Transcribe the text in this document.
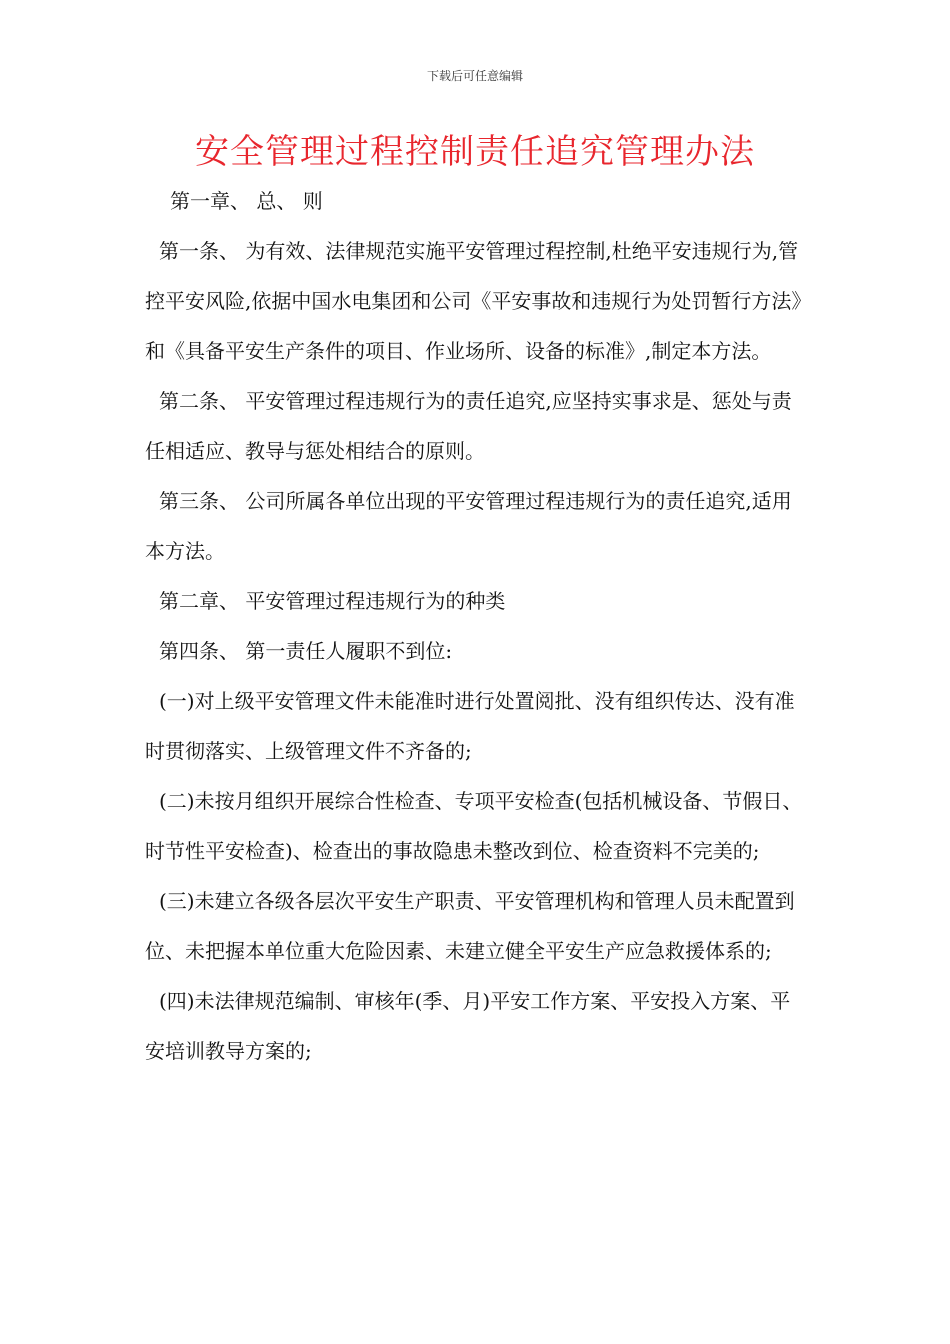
下载后可任意编辑
安全管理过程控制责任追究管理办法

第一章、 总、 则

第一条、 为有效、法律规范实施平安管理过程控制,杜绝平安违规行为,管控平安风险,依据中国水电集团和公司《平安事故和违规行为处罚暂行方法》和《具备平安生产条件的项目、作业场所、设备的标准》,制定本方法。

第二条、 平安管理过程违规行为的责任追究,应坚持实事求是、惩处与责任相适应、教导与惩处相结合的原则。

第三条、 公司所属各单位出现的平安管理过程违规行为的责任追究,适用本方法。

第二章、 平安管理过程违规行为的种类

第四条、 第一责任人履职不到位:

(一)对上级平安管理文件未能准时进行处置阅批、没有组织传达、没有准时贯彻落实、上级管理文件不齐备的;

(二)未按月组织开展综合性检查、专项平安检查(包括机械设备、节假日、时节性平安检查)、检查出的事故隐患未整改到位、检查资料不完美的;

(三)未建立各级各层次平安生产职责、平安管理机构和管理人员未配置到位、未把握本单位重大危险因素、未建立健全平安生产应急救援体系的;

(四)未法律规范编制、审核年(季、月)平安工作方案、平安投入方案、平安培训教导方案的;
